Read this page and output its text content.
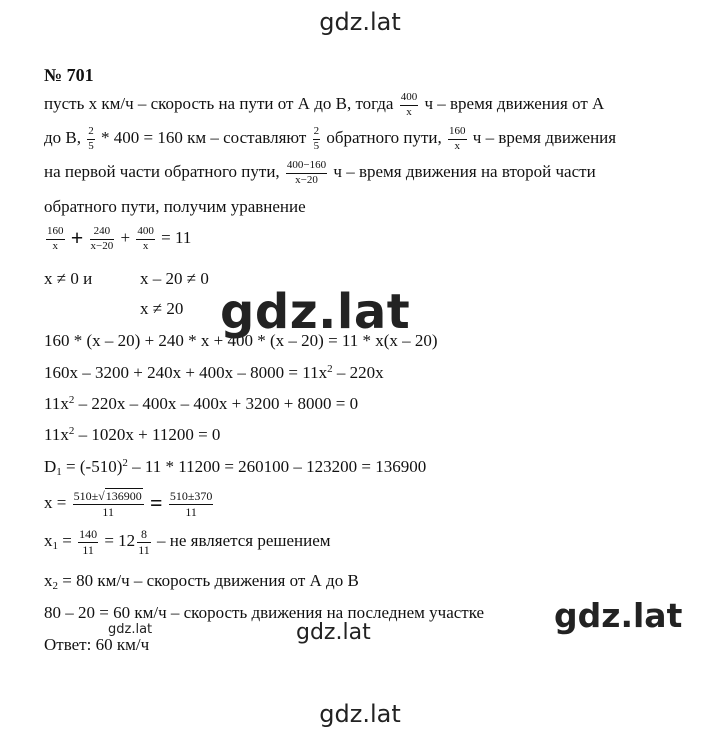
№ 701
пусть x км/ч – скорость на пути от А до В, тогда $\frac{400}{x}$ ч – время движения от А
до В, $\frac{2}{5} * 400 = 160$ км – составляют $\frac{2}{5}$ обратного пути, $\frac{160}{x}$ ч – время движения
на первой части обратного пути, $\frac{400-160}{x-20}$ ч – время движения на второй части
обратного пути, получим уравнение
$\frac{160}{x} + \frac{240}{x-20} + \frac{400}{x} = 11$
x ≠ 0 и	x – 20 ≠ 0
x ≠ 20
160 * (x – 20) + 240 * x + 400 * (x – 20) = 11 * x(x – 20)
$160x - 3200 + 240x + 400x - 8000 = 11x^2 - 220x$
$11x^2 - 220x - 400x - 400x + 3200 + 8000 = 0$
$11x^2 - 1020x + 11200 = 0$
$D_1 = (-510)^2 - 11 * 11200 = 260100 - 123200 = 136900$
$x = \frac{510\pm√136900}{11} = \frac{510\pm 370}{11}$
$x_1 = \frac{140}{11} = 12 \frac{8}{11}$ – не является решением
$x_2 = 80$ км/ч – скорость движения от А до В
80 – 20 = 60 км/ч – скорость движения на последнем участке
Ответ: 60 км/ч
gdz.lat
gdz.lat
gdz.lat
gdz.lat	gdz.lat
gdz.lat
